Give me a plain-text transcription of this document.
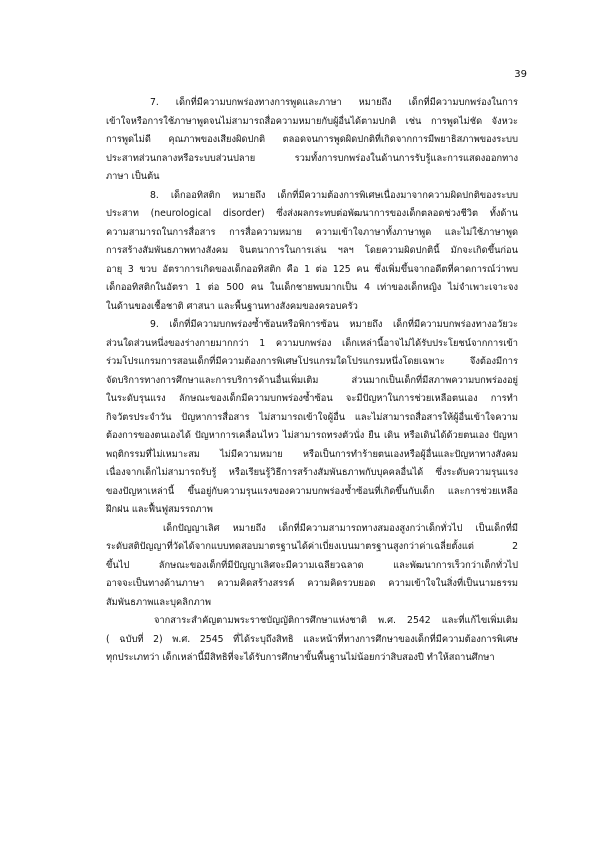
39
7. เด็กที่มีความบกพร่องทางการพูดและภาษา หมายถึง เด็กที่มีความบกพร่องในการ
เข้าใจหรือการใช้ภาษาพูดจนไม่สามารถสื่อความหมายกับผู้อื่นได้ตามปกติ เช่น การพูดไม่ชัด จังหวะ
การพูดไม่ดี คุณภาพของเสียงผิดปกติ ตลอดจนการพูดผิดปกติที่เกิดจากการมีพยาธิสภาพของระบบ
ประสาทส่วนกลางหรือระบบส่วนปลาย รวมทั้งการบกพร่องในด้านการรับรู้และการแสดงออกทาง
ภาษา เป็นต้น
8. เด็กออทิสติก หมายถึง เด็กที่มีความต้องการพิเศษเนื่องมาจากความผิดปกติของระบบ
ประสาท (neurological disorder) ซึ่งส่งผลกระทบต่อพัฒนาการของเด็กตลอดช่วงชีวิต ทั้งด้าน
ความสามารถในการสื่อสาร การสื่อความหมาย ความเข้าใจภาษาทั้งภาษาพูด และไม่ใช้ภาษาพูด
การสร้างสัมพันธภาพทางสังคม จินตนาการในการเล่น ฯลฯ โดยความผิดปกตินี้ มักจะเกิดขึ้นก่อน
อายุ 3 ขวบ อัตราการเกิดของเด็กออทิสติก คือ 1 ต่อ 125 คน ซึ่งเพิ่มขึ้นจากอดีตที่คาดการณ์ว่าพบ
เด็กออทิสติกในอัตรา 1 ต่อ 500 คน ในเด็กชายพบมากเป็น 4 เท่าของเด็กหญิง ไม่จำเพาะเจาะจง
ในด้านของเชื้อชาติ ศาสนา และพื้นฐานทางสังคมของครอบครัว
9. เด็กที่มีความบกพร่องซ้ำซ้อนหรือพิการซ้อน หมายถึง เด็กที่มีความบกพร่องทางอวัยวะ
ส่วนใดส่วนหนึ่งของร่างกายมากกว่า 1 ความบกพร่อง เด็กเหล่านี้อาจไม่ได้รับประโยชน์จากการเข้า
ร่วมโปรแกรมการสอนเด็กที่มีความต้องการพิเศษโปรแกรมใดโปรแกรมหนึ่งโดยเฉพาะ จึงต้องมีการ
จัดบริการทางการศึกษาและการบริการด้านอื่นเพิ่มเติม ส่วนมากเป็นเด็กที่มีสภาพความบกพร่องอยู่
ในระดับรุนแรง ลักษณะของเด็กมีความบกพร่องซ้ำซ้อน จะมีปัญหาในการช่วยเหลือตนเอง การทำ
กิจวัตรประจำวัน ปัญหาการสื่อสาร ไม่สามารถเข้าใจผู้อื่น และไม่สามารถสื่อสารให้ผู้อื่นเข้าใจความ
ต้องการของตนเองได้ ปัญหาการเคลื่อนไหว ไม่สามารถทรงตัวนั่ง ยืน เดิน หรือเดินได้ด้วยตนเอง ปัญหา
พฤติกรรมที่ไม่เหมาะสม ไม่มีความหมาย หรือเป็นการทำร้ายตนเองหรือผู้อื่นและปัญหาทางสังคม
เนื่องจากเด็กไม่สามารถรับรู้ หรือเรียนรู้วิธีการสร้างสัมพันธภาพกับบุคคลอื่นได้ ซึ่งระดับความรุนแรง
ของปัญหาเหล่านี้ ขึ้นอยู่กับความรุนแรงของความบกพร่องซ้ำซ้อนที่เกิดขึ้นกับเด็ก และการช่วยเหลือ
ฝึกฝน และฟื้นฟูสมรรถภาพ
เด็กปัญญาเลิศ หมายถึง เด็กที่มีความสามารถทางสมองสูงกว่าเด็กทั่วไป เป็นเด็กที่มี
ระดับสติปัญญาที่วัดได้จากแบบทดสอบมาตรฐานได้ค่าเบี่ยงเบนมาตรฐานสูงกว่าค่าเฉลี่ยตั้งแต่ 2
ขึ้นไป ลักษณะของเด็กที่มีปัญญาเลิศจะมีความเฉลียวฉลาด และพัฒนาการเร็วกว่าเด็กทั่วไป
อาจจะเป็นทางด้านภาษา ความคิดสร้างสรรค์ ความคิดรวบยอด ความเข้าใจในสิ่งที่เป็นนามธรรม
สัมพันธภาพและบุคลิกภาพ
จากสาระสำคัญตามพระราชบัญญัติการศึกษาแห่งชาติ พ.ศ. 2542 และที่แก้ไขเพิ่มเติม
( ฉบับที่ 2) พ.ศ. 2545 ที่ได้ระบุถึงสิทธิ และหน้าที่ทางการศึกษาของเด็กที่มีความต้องการพิเศษ
ทุกประเภทว่า เด็กเหล่านี้มีสิทธิที่จะได้รับการศึกษาขั้นพื้นฐานไม่น้อยกว่าสิบสองปี ทำให้สถานศึกษา
